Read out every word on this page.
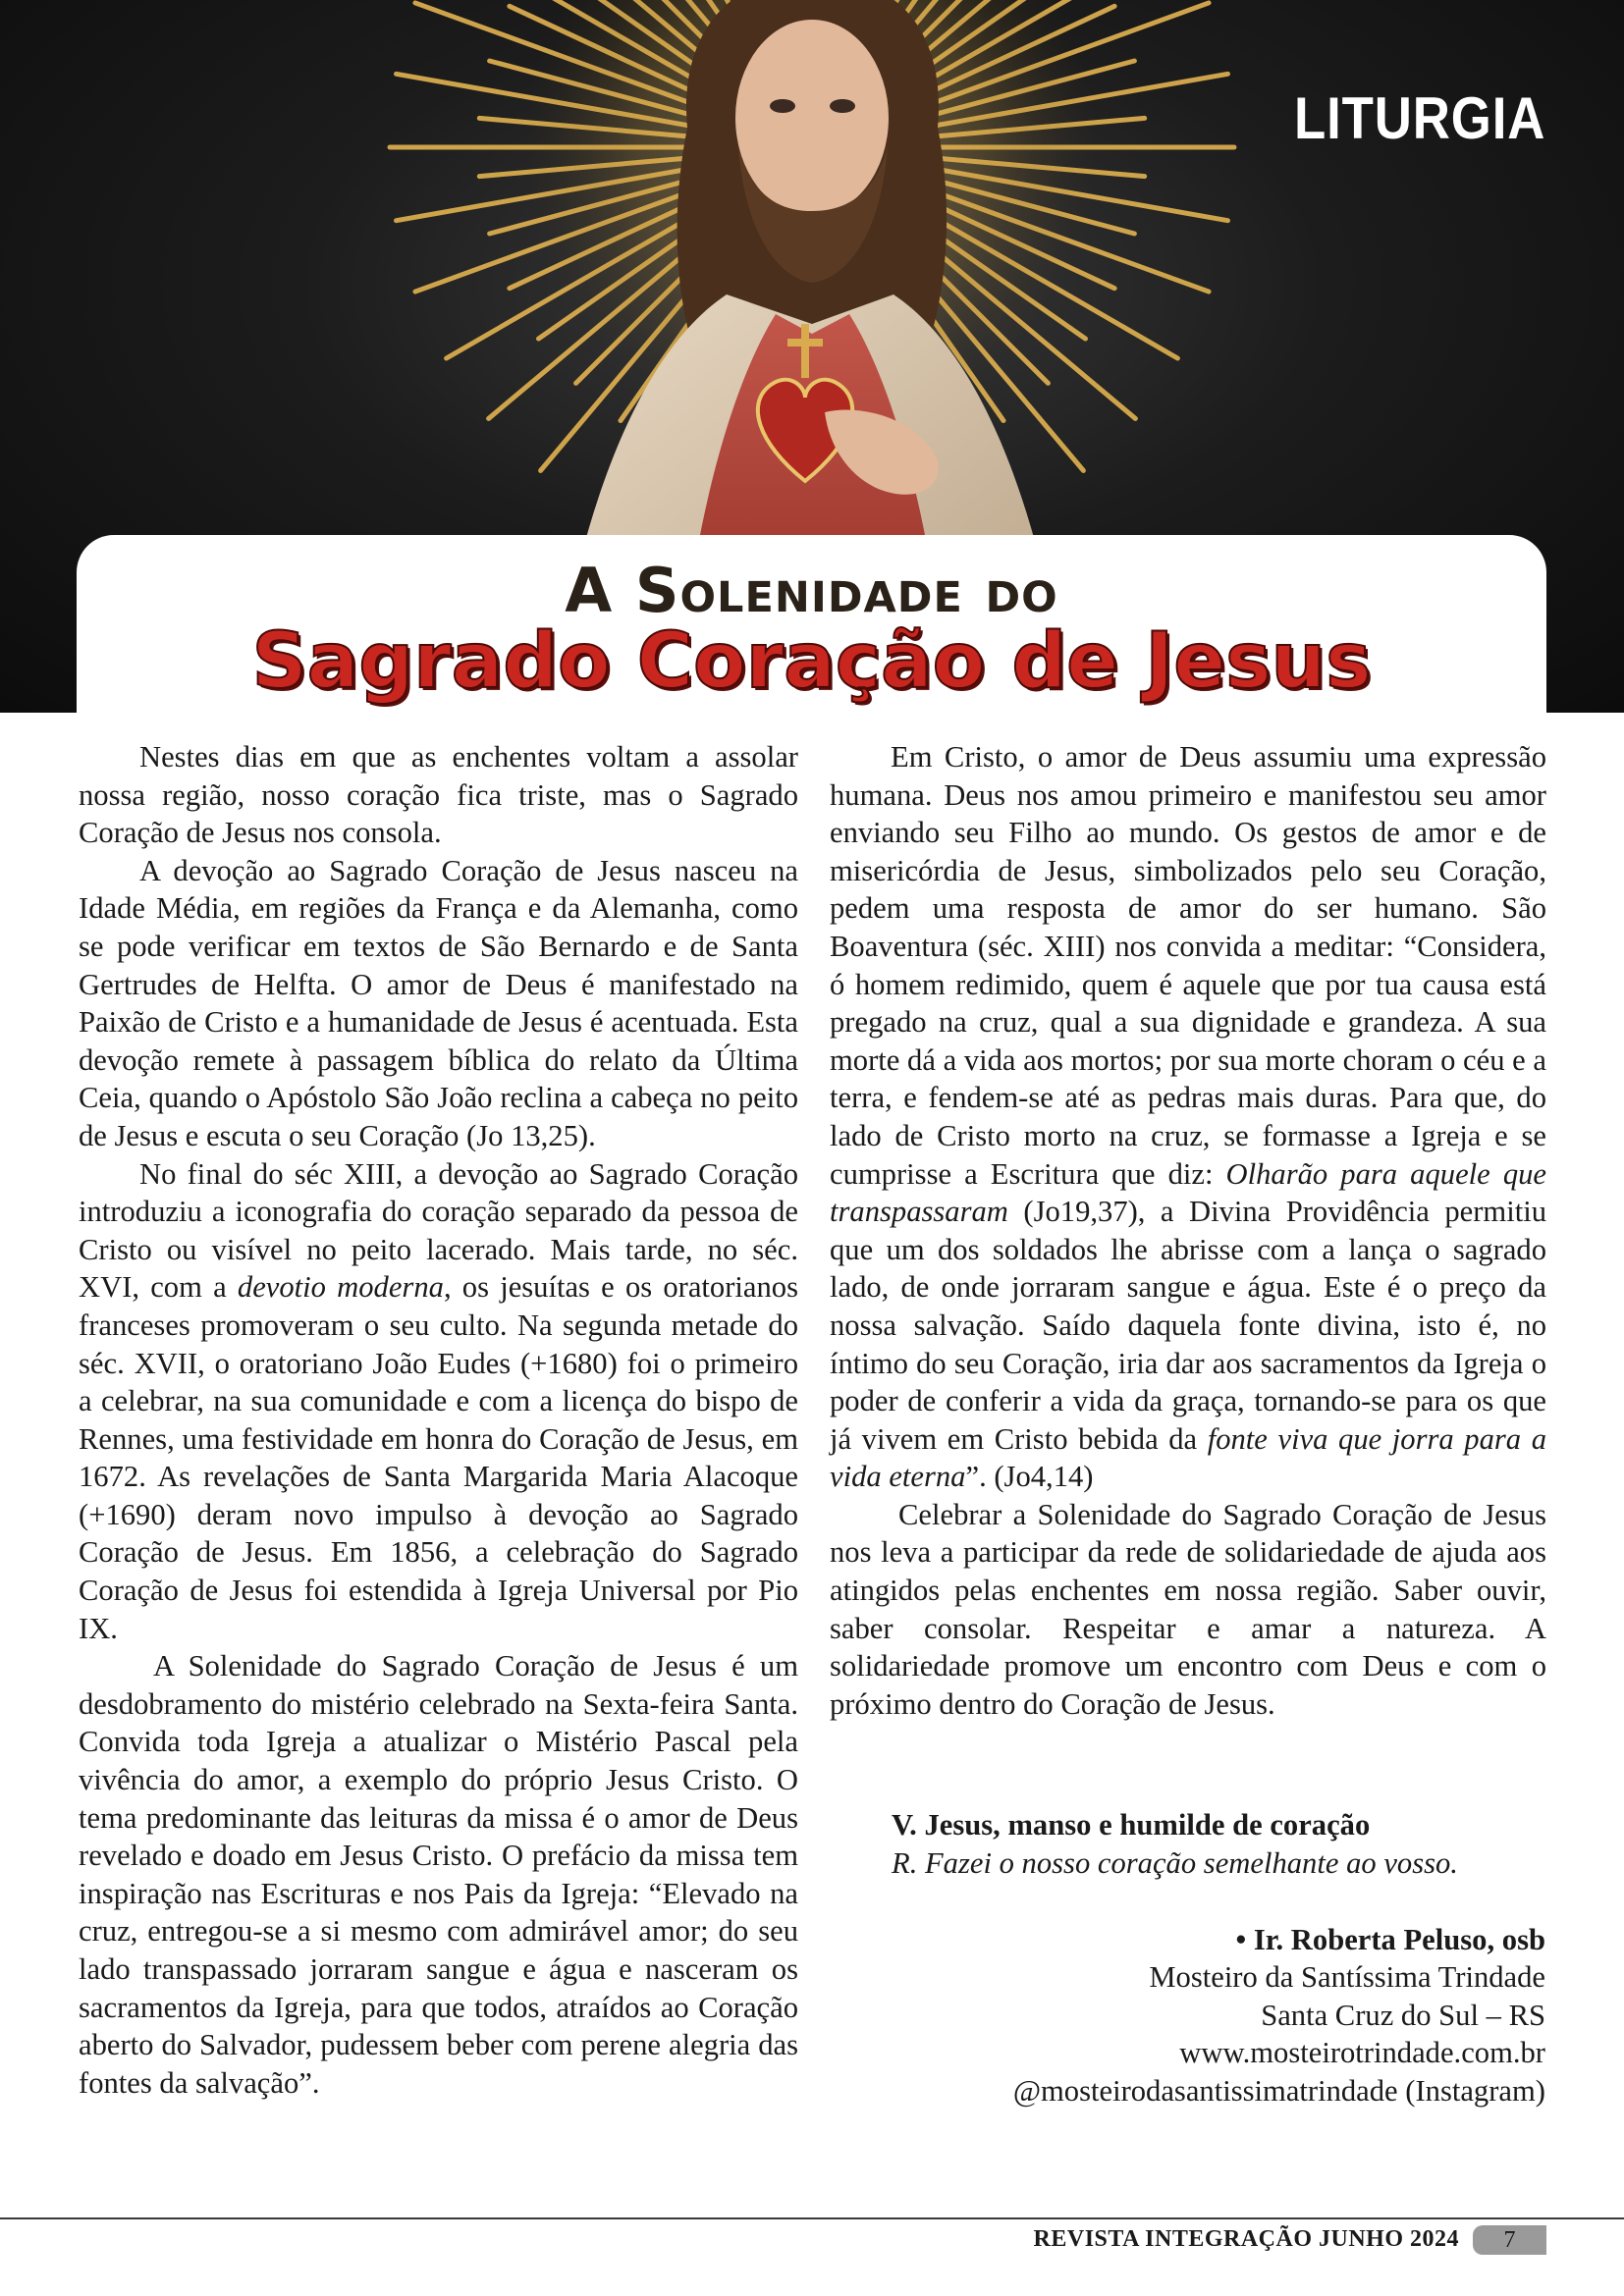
LITURGIA
A Solenidade do
Sagrado Coração de Jesus

Nestes dias em que as enchentes voltam a assolar nossa região, nosso coração fica triste, mas o Sagrado Coração de Jesus nos consola.

A devoção ao Sagrado Coração de Jesus nasceu na Idade Média, em regiões da França e da Alemanha, como se pode verificar em textos de São Bernardo e de Santa Gertrudes de Helfta. O amor de Deus é manifestado na Paixão de Cristo e a humanidade de Jesus é acentuada. Esta devoção remete à passagem bíblica do relato da Última Ceia, quando o Apóstolo São João reclina a cabeça no peito de Jesus e escuta o seu Coração (Jo 13,25).

No final do séc XIII, a devoção ao Sagrado Coração introduziu a iconografia do coração separado da pessoa de Cristo ou visível no peito lacerado. Mais tarde, no séc. XVI, com a devotio moderna, os jesuítas e os oratorianos franceses promoveram o seu culto. Na segunda metade do séc. XVII, o oratoriano João Eudes (+1680) foi o primeiro a celebrar, na sua comunidade e com a licença do bispo de Rennes, uma festividade em honra do Coração de Jesus, em 1672. As revelações de Santa Margarida Maria Alacoque (+1690) deram novo impulso à devoção ao Sagrado Coração de Jesus. Em 1856, a celebração do Sagrado Coração de Jesus foi estendida à Igreja Universal por Pio IX.

A Solenidade do Sagrado Coração de Jesus é um desdobramento do mistério celebrado na Sexta-feira Santa. Convida toda Igreja a atualizar o Mistério Pascal pela vivência do amor, a exemplo do próprio Jesus Cristo. O tema predominante das leituras da missa é o amor de Deus revelado e doado em Jesus Cristo. O prefácio da missa tem inspiração nas Escrituras e nos Pais da Igreja: “Elevado na cruz, entregou-se a si mesmo com admirável amor; do seu lado transpassado jorraram sangue e água e nasceram os sacramentos da Igreja, para que todos, atraídos ao Coração aberto do Salvador, pudessem beber com perene alegria das fontes da salvação”.

Em Cristo, o amor de Deus assumiu uma expressão humana. Deus nos amou primeiro e manifestou seu amor enviando seu Filho ao mundo. Os gestos de amor e de misericórdia de Jesus, simbolizados pelo seu Coração, pedem uma resposta de amor do ser humano. São Boaventura (séc. XIII) nos convida a meditar: “Considera, ó homem redimido, quem é aquele que por tua causa está pregado na cruz, qual a sua dignidade e grandeza. A sua morte dá a vida aos mortos; por sua morte choram o céu e a terra, e fendem-se até as pedras mais duras. Para que, do lado de Cristo morto na cruz, se formasse a Igreja e se cumprisse a Escritura que diz: Olharão para aquele que transpassaram (Jo19,37), a Divina Providência permitiu que um dos soldados lhe abrisse com a lança o sagrado lado, de onde jorraram sangue e água. Este é o preço da nossa salvação. Saído daquela fonte divina, isto é, no íntimo do seu Coração, iria dar aos sacramentos da Igreja o poder de conferir a vida da graça, tornando-se para os que já vivem em Cristo bebida da fonte viva que jorra para a vida eterna”. (Jo4,14)

Celebrar a Solenidade do Sagrado Coração de Jesus nos leva a participar da rede de solidariedade de ajuda aos atingidos pelas enchentes em nossa região. Saber ouvir, saber consolar. Respeitar e amar a natureza. A solidariedade promove um encontro com Deus e com o próximo dentro do Coração de Jesus.

V. Jesus, manso e humilde de coração
R. Fazei o nosso coração semelhante ao vosso.
• Ir. Roberta Peluso, osb
Mosteiro da Santíssima Trindade
Santa Cruz do Sul – RS
www.mosteirotrindade.com.br
@mosteirodasantissimatrindade (Instagram)
REVISTA INTEGRAÇÃO JUNHO 2024	7
